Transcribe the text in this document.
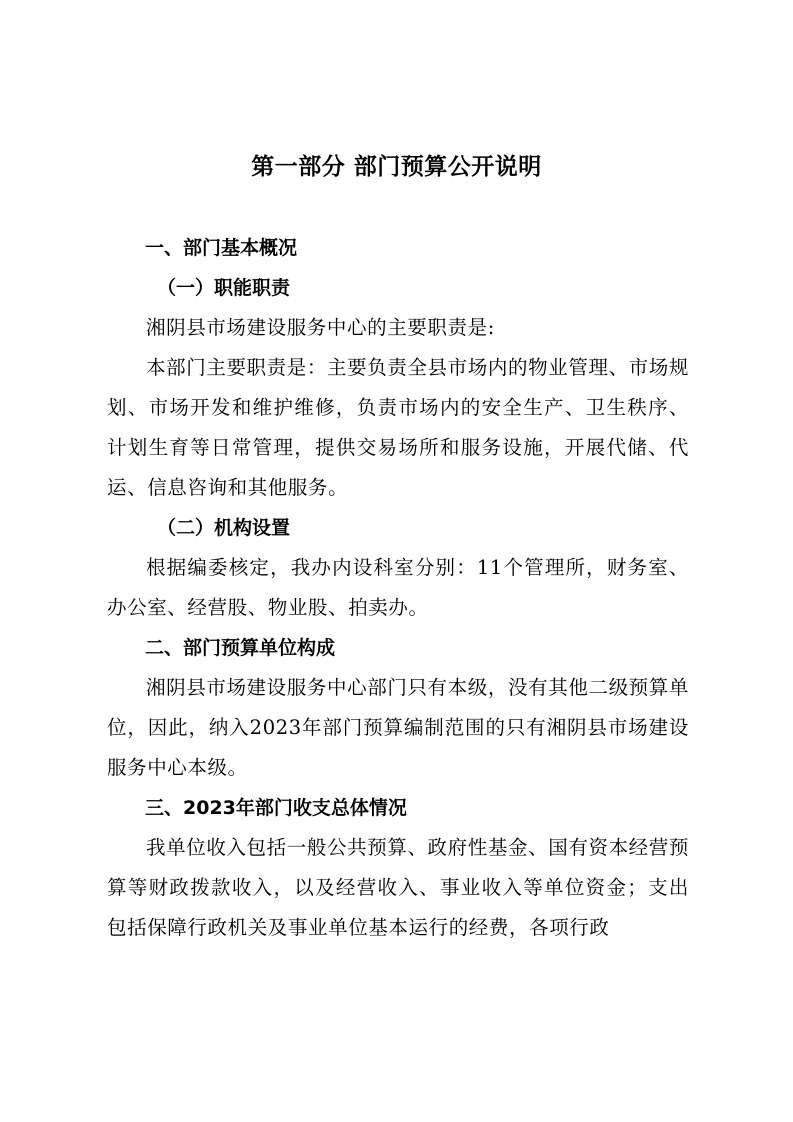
第一部分 部门预算公开说明
一、部门基本概况
（一）职能职责
湘阴县市场建设服务中心的主要职责是:
本部门主要职责是：主要负责全县市场内的物业管理、市场规划、市场开发和维护维修，负责市场内的安全生产、卫生秩序、计划生育等日常管理，提供交易场所和服务设施，开展代储、代运、信息咨询和其他服务。
（二）机构设置
根据编委核定，我办内设科室分别：11个管理所，财务室、办公室、经营股、物业股、拍卖办。
二、部门预算单位构成
湘阴县市场建设服务中心部门只有本级，没有其他二级预算单位，因此，纳入2023年部门预算编制范围的只有湘阴县市场建设服务中心本级。
三、2023年部门收支总体情况
我单位收入包括一般公共预算、政府性基金、国有资本经营预算等财政拨款收入，以及经营收入、事业收入等单位资金；支出包括保障行政机关及事业单位基本运行的经费，各项行政
